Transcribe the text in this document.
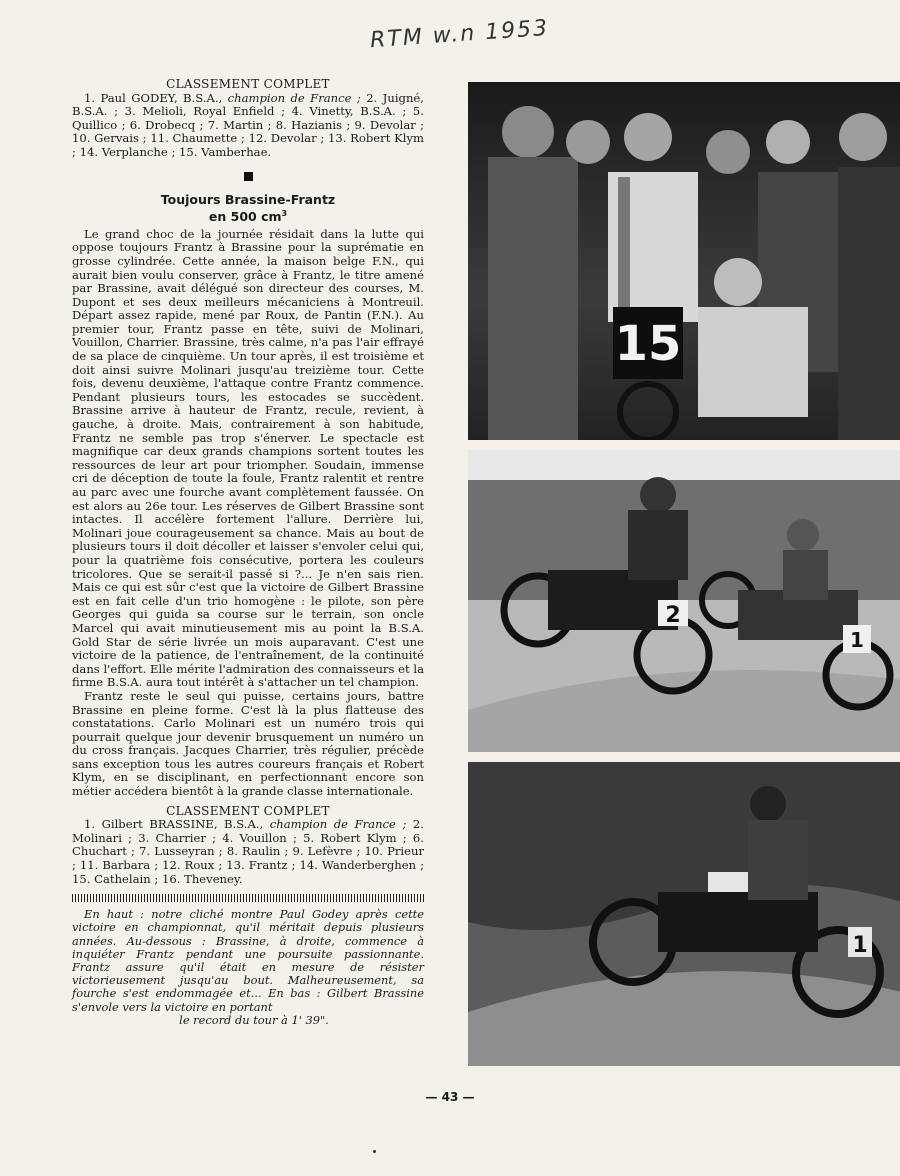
RTM w.n 1953
CLASSEMENT COMPLET

1. Paul GODEY, B.S.A., champion de France ; 2. Juigné, B.S.A. ; 3. Melioli, Royal Enfield ; 4. Vinetty, B.S.A. ; 5. Quillico ; 6. Drobecq ; 7. Martin ; 8. Hazianis ; 9. Devolar ; 10. Gervais ; 11. Chaumette ; 12. Devolar ; 13. Robert Klym ; 14. Verplanche ; 15. Vamberhae.

Toujours Brassine-Frantz
en 500 $cm^3$

Le grand choc de la journée résidait dans la lutte qui oppose toujours Frantz à Brassine pour la suprématie en grosse cylindrée. Cette année, la maison belge F.N., qui aurait bien voulu conserver, grâce à Frantz, le titre amené par Brassine, avait délégué son directeur des courses, M. Dupont et ses deux meilleurs mécaniciens à Montreuil. Départ assez rapide, mené par Roux, de Pantin (F.N.). Au premier tour, Frantz passe en tête, suivi de Molinari, Vouillon, Charrier. Brassine, très calme, n'a pas l'air effrayé de sa place de cinquième. Un tour après, il est troisième et doit ainsi suivre Molinari jusqu'au treizième tour. Cette fois, devenu deuxième, l'attaque contre Frantz commence. Pendant plusieurs tours, les estocades se succèdent. Brassine arrive à hauteur de Frantz, recule, revient, à gauche, à droite. Mais, contrairement à son habitude, Frantz ne semble pas trop s'énerver. Le spectacle est magnifique car deux grands champions sortent toutes les ressources de leur art pour triompher. Soudain, immense cri de déception de toute la foule, Frantz ralentit et rentre au parc avec une fourche avant complètement faussée. On est alors au 26e tour. Les réserves de Gilbert Brassine sont intactes. Il accélère fortement l'allure. Derrière lui, Molinari joue courageusement sa chance. Mais au bout de plusieurs tours il doit décoller et laisser s'envoler celui qui, pour la quatrième fois consécutive, portera les couleurs tricolores. Que se serait-il passé si ?... Je n'en sais rien. Mais ce qui est sûr c'est que la victoire de Gilbert Brassine est en fait celle d'un trio homogène : le pilote, son père Georges qui guida sa course sur le terrain, son oncle Marcel qui avait minutieusement mis au point la B.S.A. Gold Star de série livrée un mois auparavant. C'est une victoire de la patience, de l'entraînement, de la continuité dans l'effort. Elle mérite l'admiration des connaisseurs et la firme B.S.A. aura tout intérêt à s'attacher un tel champion.

Frantz reste le seul qui puisse, certains jours, battre Brassine en pleine forme. C'est là la plus flatteuse des constatations. Carlo Molinari est un numéro trois qui pourrait quelque jour devenir brusquement un numéro un du cross français. Jacques Charrier, très régulier, précède sans exception tous les autres coureurs français et Robert Klym, en se disciplinant, en perfectionnant encore son métier accédera bientôt à la grande classe internationale.

CLASSEMENT COMPLET

1. Gilbert BRASSINE, B.S.A., champion de France ; 2. Molinari ; 3. Charrier ; 4. Vouillon ; 5. Robert Klym ; 6. Chuchart ; 7. Lusseyran ; 8. Raulin ; 9. Lefèvre ; 10. Prieur ; 11. Barbara ; 12. Roux ; 13. Frantz ; 14. Wanderberghen ; 15. Cathelain ; 16. Theveney.

En haut : notre cliché montre Paul Godey après cette victoire en championnat, qu'il méritait depuis plusieurs années. Au-dessous : Brassine, à droite, commence à inquiéter Frantz pendant une poursuite passionnante. Frantz assure qu'il était en mesure de résister victorieusement jusqu'au bout. Malheureusement, sa fourche s'est endommagée et... En bas : Gilbert Brassine s'envole vers la victoire en portant

le record du tour à 1' 39".

15
2
1
1
— 43 —
